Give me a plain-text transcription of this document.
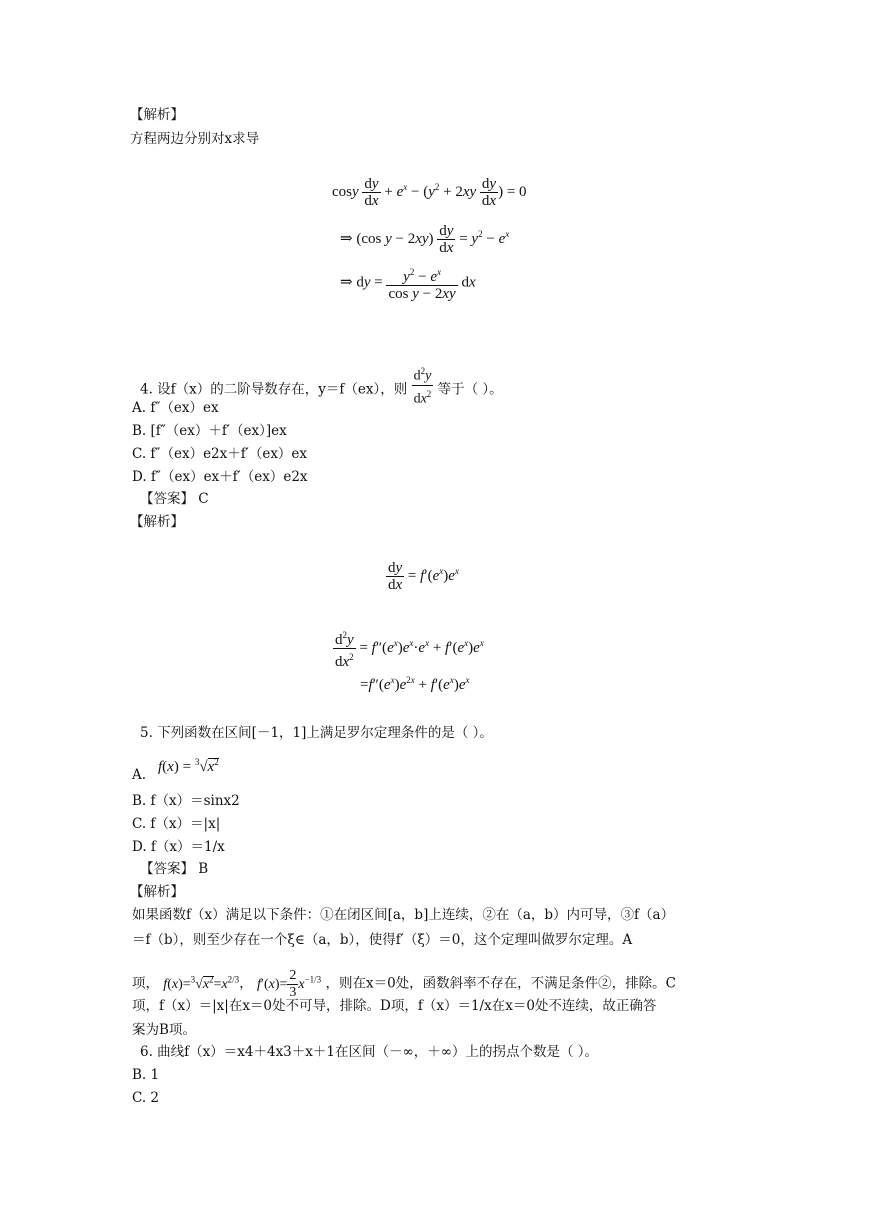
【解析】
方程两边分别对x求导
cosy $\frac{dy}{dx} + e^x - (y^2 + 2xy \frac{dy}{dx}$ ) = 0
⇒ (cos $y - 2xy) \frac{dy}{dx} = y^2 - e^x$
⇒ dy = $\frac{y^2 - e^x}{\text{cos y − 2xy}}$ dx
4. 设f（x）的二阶导数存在，y＝f（ex），则 $\frac{d^2y}{dx^2}$ 等于（ ）。
A. f″（ex）ex
B. [f″（ex）＋f′（ex）]ex
C. f″（ex）e2x＋f′（ex）ex
D. f″（ex）ex＋f′（ex）e2x
【答案】 C
【解析】
$\frac{dy}{dx} = f'(e^x)e^x$
$\frac{d^2y}{dx^2} = f''(e^x)e^x\cdot e^x + f'(e^x)e^x$
$=f''(e^x)e^{2x} + f'(e^x)e^x$
5. 下列函数在区间[－1，1]上满足罗尔定理条件的是（ ）。
A. $f(x) = ^3√x^2$
B. f（x）＝sinx2
C. f（x）＝|x|
D. f（x）＝1/x
【答案】 B
【解析】
如果函数f（x）满足以下条件：①在闭区间[a，b]上连续，②在（a，b）内可导，③f（a）
＝f（b），则至少存在一个ξ∈（a，b），使得f′（ξ）＝0，这个定理叫做罗尔定理。A
项， $f(x)=^3√x^2=x^{2/3}$， $f'(x)= \frac{2}{3} x^{-1/3}$ ，则在x＝0处，函数斜率不存在，不满足条件②，排除。C
项，f（x）＝|x|在x＝0处不可导，排除。D项，f（x）＝1/x在x＝0处不连续，故正确答
案为B项。
6. 曲线f（x）＝x4＋4x3＋x＋1在区间（－∞，＋∞）上的拐点个数是（ ）。
B. 1
C. 2
